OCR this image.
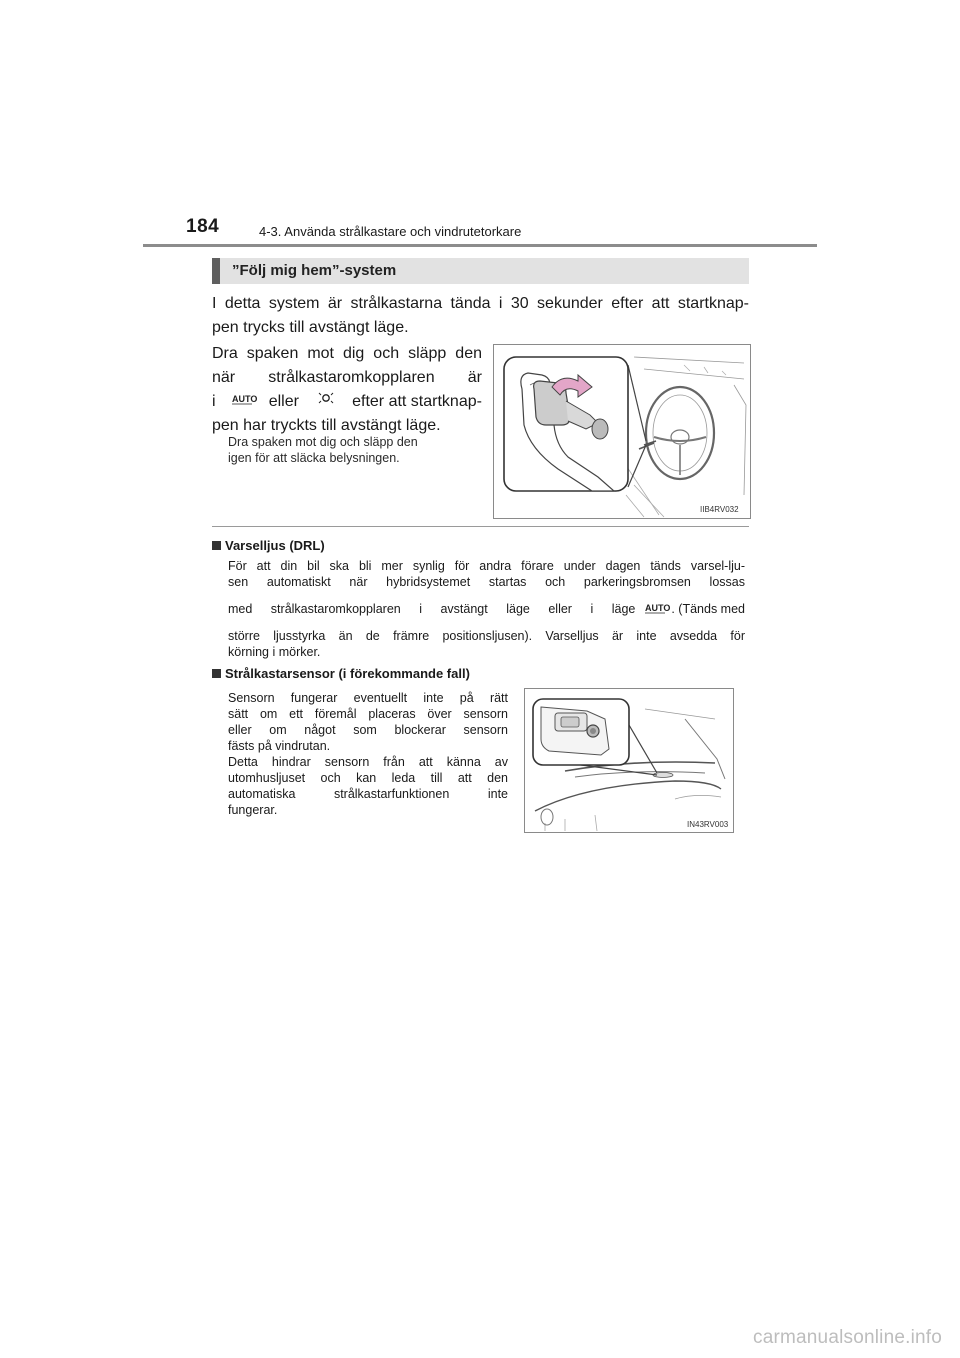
184	4-3. Använda strålkastare och vindrutetorkare
”Följ mig hem”-system
I detta system är strålkastarna tända i 30 sekunder efter att startknap-
pen trycks till avstängt läge.
Dra spaken mot dig och släpp den
när strålkastaromkopplaren är
i AUTO eller	efter att startknap-
pen har tryckts till avstängt läge.
Dra spaken mot dig och släpp den
igen för att släcka belysningen.
IIB4RV032
Varselljus (DRL)
För att din bil ska bli mer synlig för andra förare under dagen tänds varsel-lju-
sen automatiskt när hybridsystemet startas och parkeringsbromsen lossas
med strålkastaromkopplaren i avstängt läge eller i läge AUTO . (Tänds med
större ljusstyrka än de främre positionsljusen). Varselljus är inte avsedda för
körning i mörker.
Strålkastarsensor (i förekommande fall)
Sensorn fungerar eventuellt inte på rätt
sätt om ett föremål placeras över sensorn
eller om något som blockerar sensorn
fästs på vindrutan.
Detta hindrar sensorn från att känna av
utomhusljuset och kan leda till att den
automatiska strålkastarfunktionen inte
fungerar.
IN43RV003
carmanualsonline.info
